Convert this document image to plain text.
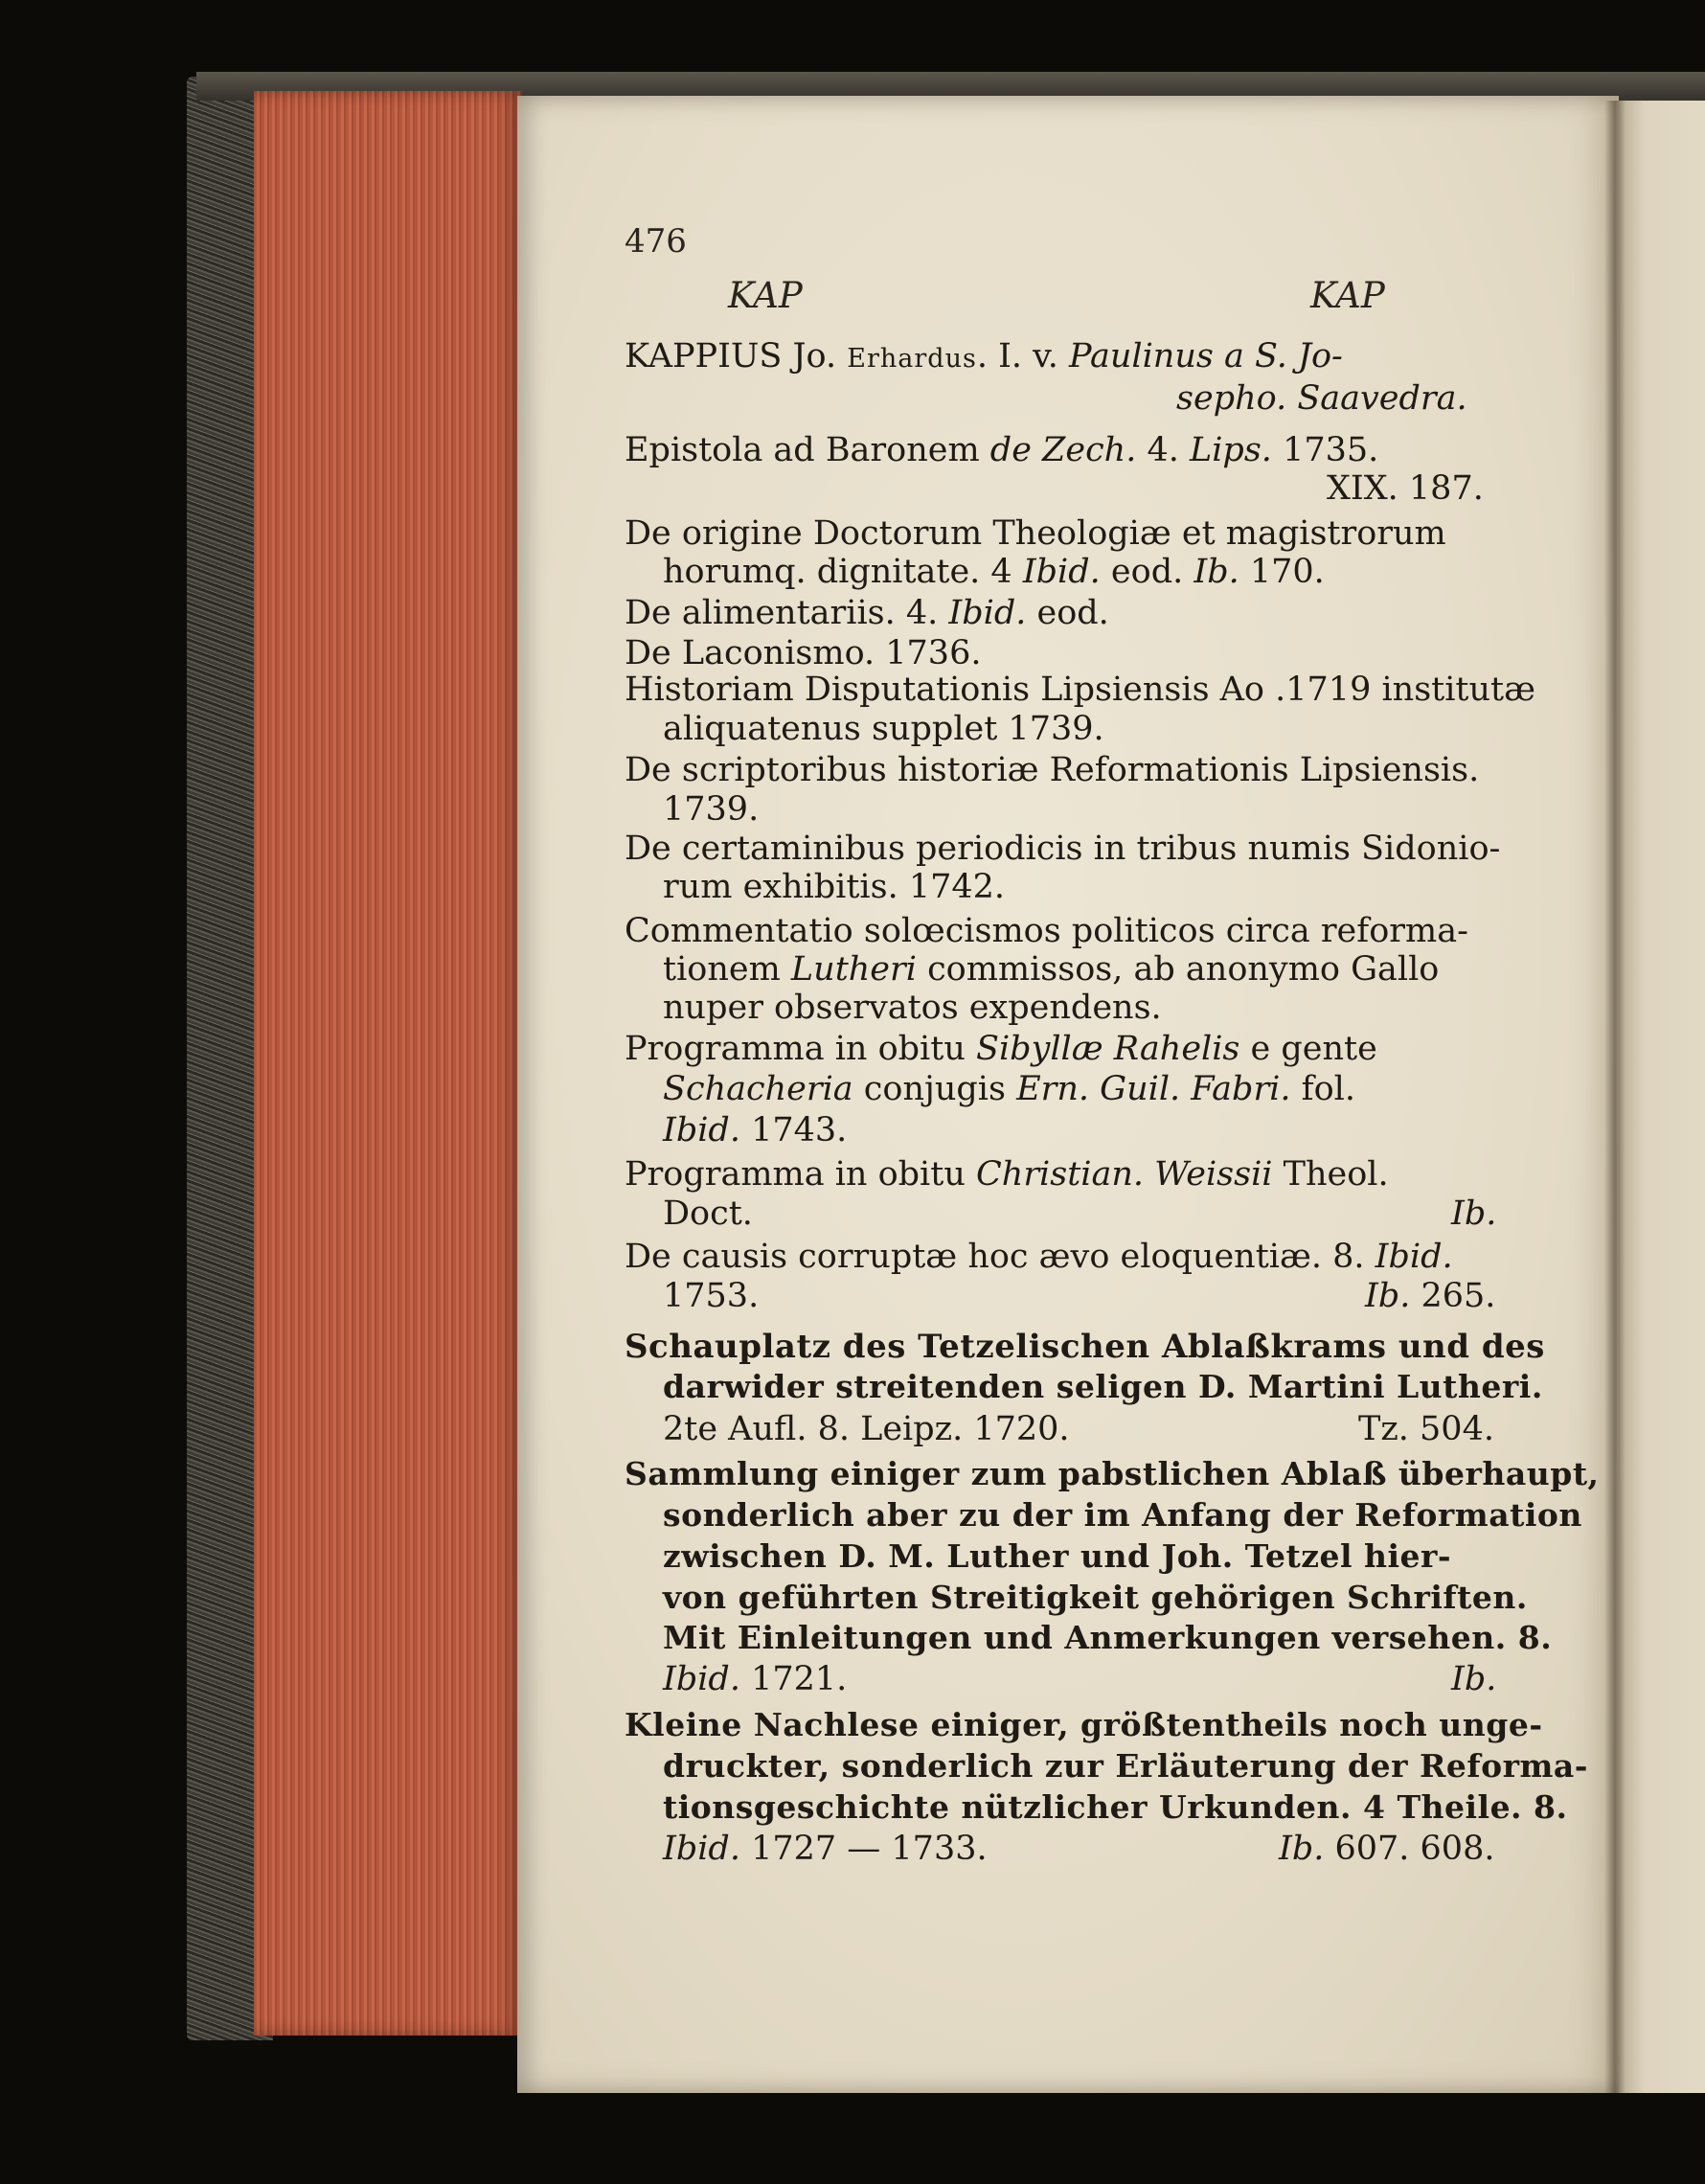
476
KAP	KAP
KAPPIUS Jo. Erhardus. I. v. Paulinus a S. Jo-
sepho. Saavedra.
Epistola ad Baronem de Zech. 4. Lips. 1735.
XIX. 187.
De origine Doctorum Theologiæ et magistrorum
horumq. dignitate. 4 Ibid. eod. Ib. 170.
De alimentariis. 4. Ibid. eod.
De Laconismo. 1736.
Historiam Disputationis Lipsiensis Ao .1719 institutæ
aliquatenus supplet 1739.
De scriptoribus historiæ Reformationis Lipsiensis.
1739.
De certaminibus periodicis in tribus numis Sidonio-
rum exhibitis. 1742.
Commentatio solœcismos politicos circa reforma-
tionem Lutheri commissos, ab anonymo Gallo
nuper observatos expendens.
Programma in obitu Sibyllæ Rahelis e gente
Schacheria conjugis Ern. Guil. Fabri. fol.
Ibid. 1743.
Programma in obitu Christian. Weissii Theol.
Doct.	Ib.
De causis corruptæ hoc ævo eloquentiæ. 8. Ibid.
1753.	Ib. 265.
Schauplatz des Tetzelischen Ablaßkrams und des
darwider streitenden seligen D. Martini Lutheri.
2te Aufl. 8. Leipz. 1720.	Tz. 504.
Sammlung einiger zum pabstlichen Ablaß überhaupt,
sonderlich aber zu der im Anfang der Reformation
zwischen D. M. Luther und Joh. Tetzel hier-
von geführten Streitigkeit gehörigen Schriften.
Mit Einleitungen und Anmerkungen versehen. 8.
Ibid. 1721.	Ib.
Kleine Nachlese einiger, größtentheils noch unge-
druckter, sonderlich zur Erläuterung der Reforma-
tionsgeschichte nützlicher Urkunden. 4 Theile. 8.
Ibid. 1727 — 1733.	Ib. 607. 608.
